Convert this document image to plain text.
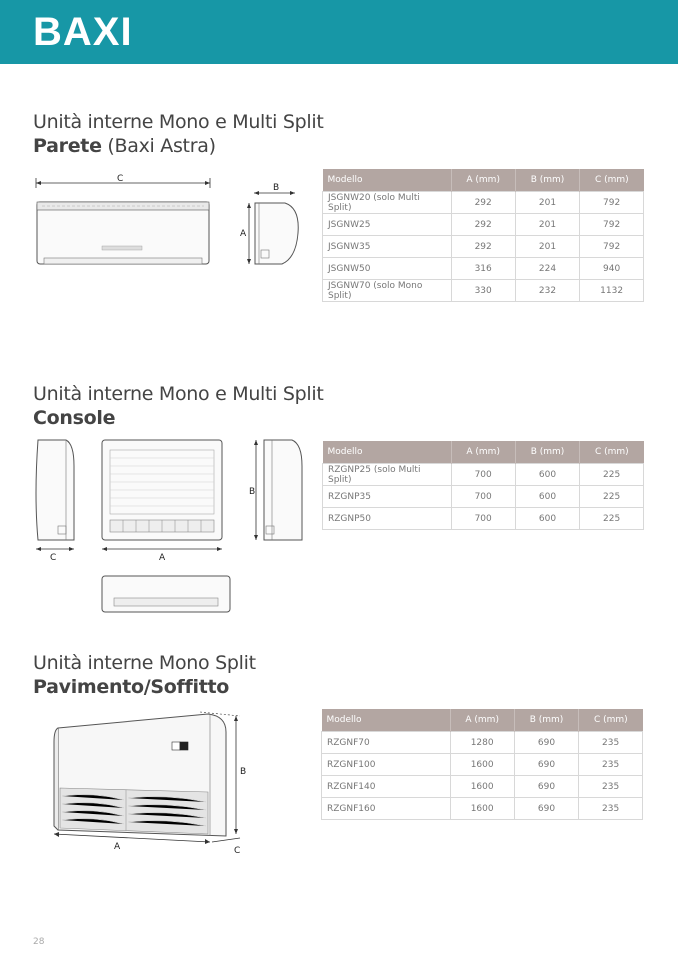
BAXI
Unità interne Mono e Multi Split
Parete (Baxi Astra)
C
B
A
Modello	A (mm)	B (mm)	C (mm)
JSGNW20 (solo Multi Split)	292	201	792
JSGNW25	292	201	792
JSGNW35	292	201	792
JSGNW50	316	224	940
JSGNW70 (solo Mono Split)	330	232	1132
Unità interne Mono e Multi Split
Console
C	A
B
Modello	A (mm)	B (mm)	C (mm)
RZGNP25 (solo Multi Split)	700	600	225
RZGNP35	700	600	225
RZGNP50	700	600	225
Unità interne Mono Split
Pavimento/Soffitto
B
A	C
Modello	A (mm)	B (mm)	C (mm)
RZGNF70	1280	690	235
RZGNF100	1600	690	235
RZGNF140	1600	690	235
RZGNF160	1600	690	235
28
